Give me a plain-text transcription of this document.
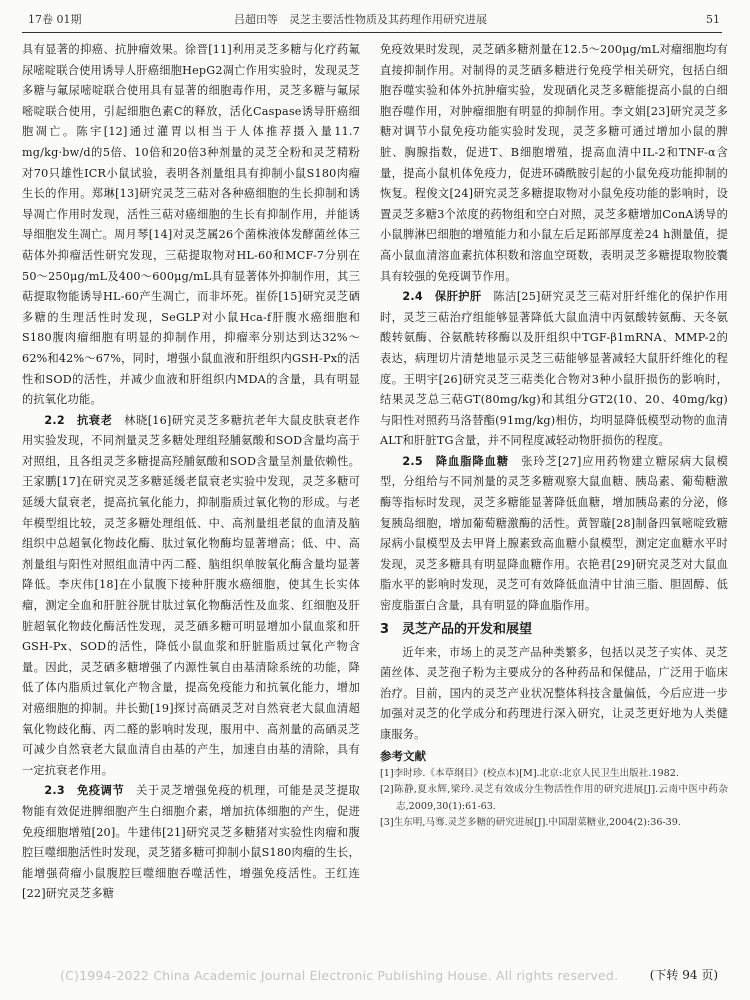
17卷 01期	吕超田等　灵芝主要活性物质及其药理作用研究进展	51

具有显著的抑癌、抗肿瘤效果。徐晋[11]利用灵芝多糖与化疗药氟尿嘧啶联合使用诱导人肝癌细胞HepG2凋亡作用实验时，发现灵芝多糖与氟尿嘧啶联合使用具有显著的细胞毒作用，灵芝多糖与氟尿嘧啶联合使用，引起细胞色素C的释放，活化Caspase诱导肝癌细胞凋亡。陈宇[12]通过灌胃以相当于人体推荐摄入量11.7 mg/kg·bw/d的5倍、10倍和20倍3种剂量的灵芝全粉和灵芝精粉对70只雄性ICR小鼠试验，表明各剂量组具有抑制小鼠S180肉瘤生长的作用。郑琳[13]研究灵芝三萜对各种癌细胞的生长抑制和诱导凋亡作用时发现，活性三萜对癌细胞的生长有抑制作用，并能诱导细胞发生凋亡。周月琴[14]对灵芝属26个菌株液体发酵菌丝体三萜体外抑瘤活性研究发现，三萜提取物对HL-60和MCF-7分别在50～250μg/mL及400～600μg/mL具有显著体外抑制作用，其三萜提取物能诱导HL-60产生凋亡，而非坏死。崔侨[15]研究灵芝硒多糖的生理活性时发现，SeGLP对小鼠Hca-f肝腹水癌细胞和S180腹肉瘤细胞有明显的抑制作用，抑瘤率分别达到达32%～62%和42%～67%，同时，增强小鼠血液和肝组织内GSH-Px的活性和SOD的活性，并减少血液和肝组织内MDA的含量，具有明显的抗氧化功能。

2.2　 抗衰老　 林晓[16]研究灵芝多糖抗老年大鼠皮肤衰老作用实验发现，不同剂量灵芝多糖处理组羟脯氨酸和SOD含量均高于对照组，且各组灵芝多糖提高羟脯氨酸和SOD含量呈剂量依赖性。王家鹏[17]在研究灵芝多糖延缓老鼠衰老实验中发现，灵芝多糖可延缓大鼠衰老，提高抗氧化能力，抑制脂质过氧化物的形成。与老年模型组比较，灵芝多糖处理组低、中、高剂量组老鼠的血清及脑组织中总超氧化物歧化酶、肽过氧化物酶均显著增高；低、中、高剂量组与阳性对照组血清中丙二醛、脑组织单胺氧化酶含量均显著降低。李庆伟[18]在小鼠腹下接种肝腹水癌细胞，使其生长实体瘤，测定全血和肝脏谷胱甘肽过氧化物酶活性及血浆、红细胞及肝脏超氧化物歧化酶活性发现，灵芝硒多糖可明显增加小鼠血浆和肝GSH-Px、SOD的活性，降低小鼠血浆和肝脏脂质过氧化产物含量。因此，灵芝硒多糖增强了内源性氧自由基清除系统的功能，降低了体内脂质过氧化产物含量，提高免疫能力和抗氧化能力，增加对癌细胞的抑制。井长勤[19]探讨高硒灵芝对自然衰老大鼠血清超氧化物歧化酶、丙二醛的影响时发现，服用中、高剂量的高硒灵芝可减少自然衰老大鼠血清自由基的产生，加速自由基的清除，具有一定抗衰老作用。

2.3　 免疫调节　 关于灵芝增强免疫的机理，可能是灵芝提取物能有效促进脾细胞产生白细胞介素，增加抗体细胞的产生，促进免疫细胞增殖[20]。牛建伟[21]研究灵芝多糖猪对实验性肉瘤和腹腔巨噬细胞活性时发现，灵芝猪多糖可抑制小鼠S180肉瘤的生长，能增强荷瘤小鼠腹腔巨噬细胞吞噬活性，增强免疫活性。王红连[22]研究灵芝多糖

免疫效果时发现，灵芝硒多糖剂量在12.5～200μg/mL对瘤细胞均有直接抑制作用。对制得的灵芝硒多糖进行免疫学相关研究，包括白细胞吞噬实验和体外抗肿瘤实验，发现硒化灵芝多糖能提高小鼠的白细胞吞噬作用，对肿瘤细胞有明显的抑制作用。李文娟[23]研究灵芝多糖对调节小鼠免疫功能实验时发现，灵芝多糖可通过增加小鼠的脾脏、胸腺指数，促进T、B细胞增殖，提高血清中IL-2和TNF-α含量，提高小鼠机体免疫力，促进环磷酰胺引起的小鼠免疫功能抑制的恢复。程俊文[24]研究灵芝多糖提取物对小鼠免疫功能的影响时，设置灵芝多糖3个浓度的药物组和空白对照，灵芝多糖增加ConA诱导的小鼠脾淋巴细胞的增殖能力和小鼠左后足跖部厚度差24 h测量值，提高小鼠血清溶血素抗体积数和溶血空斑数，表明灵芝多糖提取物胶囊具有较强的免疫调节作用。

2.4　 保肝护肝　 陈洁[25]研究灵芝三萜对肝纤维化的保护作用时，灵芝三萜治疗组能够显著降低大鼠血清中丙氨酸转氨酶、天冬氨酸转氨酶、谷氨酰转移酶以及肝组织中TGF-β1mRNA、MMP-2的表达，病理切片清楚地显示灵芝三萜能够显著减轻大鼠肝纤维化的程度。王明宇[26]研究灵芝三萜类化合物对3种小鼠肝损伤的影响时，结果灵芝总三萜GT(80mg/kg)和其组分GT2(10、20、40mg/kg)与阳性对照药马洛替酯(91mg/kg)相仿，均明显降低模型动物的血清ALT和肝脏TG含量，并不同程度减轻动物肝损伤的程度。

2.5　 降血脂降血糖　 张玲芝[27]应用药物建立糖尿病大鼠模型，分组给与不同剂量的灵芝多糖观察大鼠血糖、胰岛素、葡萄糖激酶等指标时发现，灵芝多糖能显著降低血糖，增加胰岛素的分泌，修复胰岛细胞，增加葡萄糖激酶的活性。黄智璇[28]制备四氧嘧啶致糖尿病小鼠模型及去甲肾上腺素致高血糖小鼠模型，测定定血糖水平时发现，灵芝多糖具有明显降血糖作用。衣艳君[29]研究灵芝对大鼠血脂水平的影响时发现，灵芝可有效降低血清中甘油三脂、胆固醇、低密度脂蛋白含量，具有明显的降血脂作用。

3　灵芝产品的开发和展望

近年来，市场上的灵芝产品种类繁多，包括以灵芝子实体、灵芝菌丝体、灵芝孢子粉为主要成分的各种药品和保健品，广泛用于临床治疗。目前，国内的灵芝产业状况整体科技含量偏低，今后应进一步加强对灵芝的化学成分和药理进行深入研究，让灵芝更好地为人类健康服务。

参考文献
[1]李时珍.《本草纲目》(校点本)[M].北京:北京人民卫生出版社.1982.
[2]陈静,夏永辉,梁玲.灵芝有效成分生物活性作用的研究进展[J].云南中医中药杂志,2009,30(1):61-63.
[3]生东明,马骞.灵芝多糖的研究进展[J].中国甜菜糖业,2004(2):36-39.
(C)1994-2022 China Academic Journal Electronic Publishing House. All rights reserved.	(下转 94 页)
